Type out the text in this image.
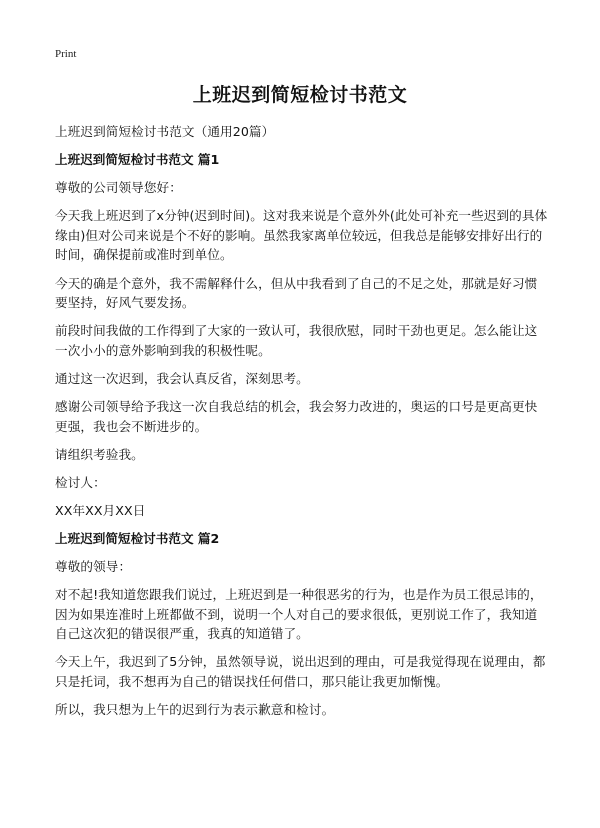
Print
上班迟到简短检讨书范文

上班迟到简短检讨书范文（通用20篇）

上班迟到简短检讨书范文 篇1

尊敬的公司领导您好：

今天我上班迟到了x分钟(迟到时间)。这对我来说是个意外外(此处可补充一些迟到的具体缘由)但对公司来说是个不好的影响。虽然我家离单位较远，但我总是能够安排好出行的时间，确保提前或准时到单位。

今天的确是个意外，我不需解释什么，但从中我看到了自己的不足之处，那就是好习惯要坚持，好风气要发扬。

前段时间我做的工作得到了大家的一致认可，我很欣慰，同时干劲也更足。怎么能让这一次小小的意外影响到我的积极性呢。

通过这一次迟到，我会认真反省，深刻思考。

感谢公司领导给予我这一次自我总结的机会，我会努力改进的，奥运的口号是更高更快更强，我也会不断进步的。

请组织考验我。

检讨人：

XX年XX月XX日

上班迟到简短检讨书范文 篇2

尊敬的领导：

对不起!我知道您跟我们说过，上班迟到是一种很恶劣的行为，也是作为员工很忌讳的，因为如果连准时上班都做不到，说明一个人对自己的要求很低，更别说工作了，我知道自己这次犯的错误很严重，我真的知道错了。

今天上午，我迟到了5分钟，虽然领导说，说出迟到的理由，可是我觉得现在说理由，都只是托词，我不想再为自己的错误找任何借口，那只能让我更加惭愧。

所以，我只想为上午的迟到行为表示歉意和检讨。
